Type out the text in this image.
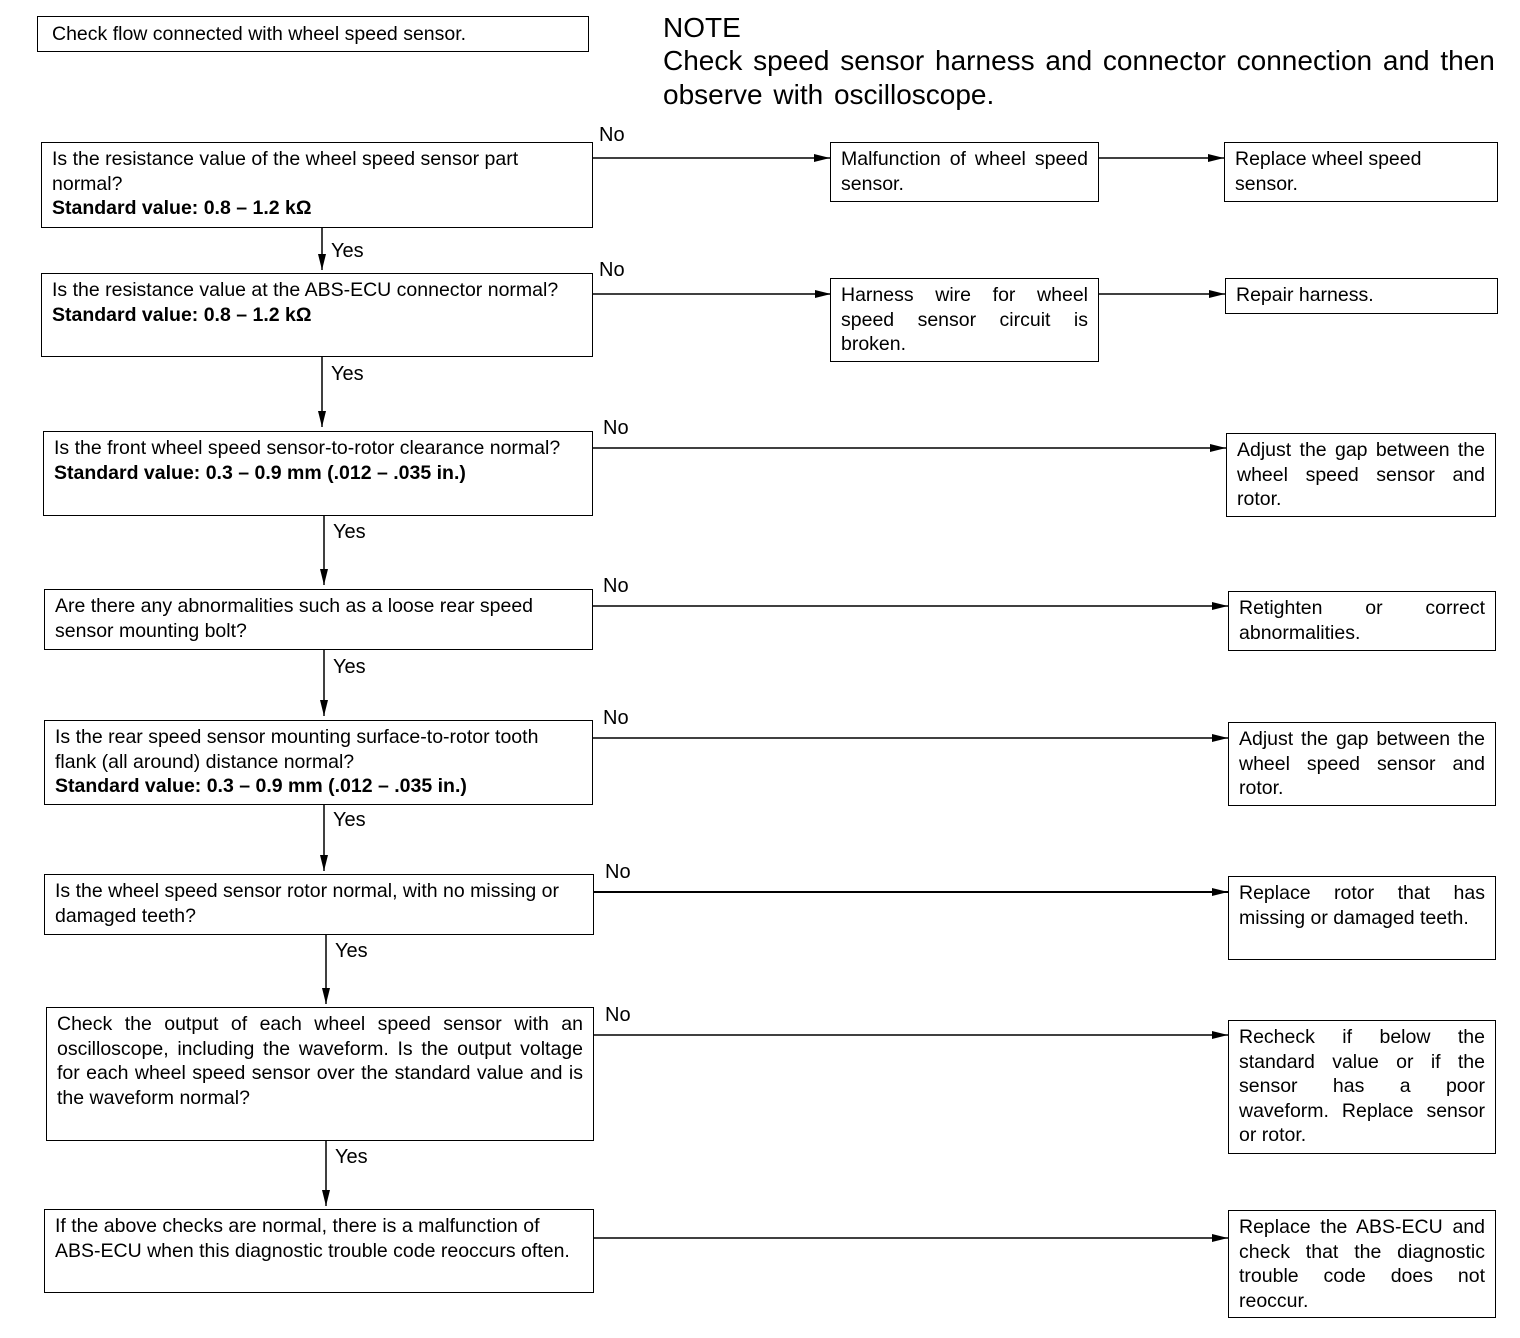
Check flow connected with wheel speed sensor.	NOTE
Check speed sensor harness and connector connection and then observe with oscilloscope.
Is the resistance value of the wheel speed sensor part normal?
Standard value: 0.8 – 1.2 kΩ
Malfunction of wheel speed sensor.
Replace wheel speed sensor.
Is the resistance value at the ABS-ECU connector normal?
Standard value: 0.8 – 1.2 kΩ
Harness wire for wheel speed sensor circuit is broken.
Repair harness.
Is the front wheel speed sensor-to-rotor clearance normal?
Standard value: 0.3 – 0.9 mm (.012 – .035 in.)
Adjust the gap between the wheel speed sensor and rotor.
Are there any abnormalities such as a loose rear speed sensor mounting bolt?
Retighten or correct abnormalities.
Is the rear speed sensor mounting surface-to-rotor tooth flank (all around) distance normal?
Standard value: 0.3 – 0.9 mm (.012 – .035 in.)
Adjust the gap between the wheel speed sensor and rotor.
Is the wheel speed sensor rotor normal, with no missing or damaged teeth?
Replace rotor that has missing or damaged teeth.
Check the output of each wheel speed sensor with an oscilloscope, including the waveform. Is the output voltage for each wheel speed sensor over the standard value and is the waveform normal?
Recheck if below the standard value or if the sensor has a poor waveform. Replace sensor or rotor.
If the above checks are normal, there is a malfunction of ABS-ECU when this diagnostic trouble code reoccurs often.
Replace the ABS-ECU and check that the diagnostic trouble code does not reoccur.
Yes
Yes
Yes
Yes
Yes
Yes
Yes
No
No
No
No
No
No
No
